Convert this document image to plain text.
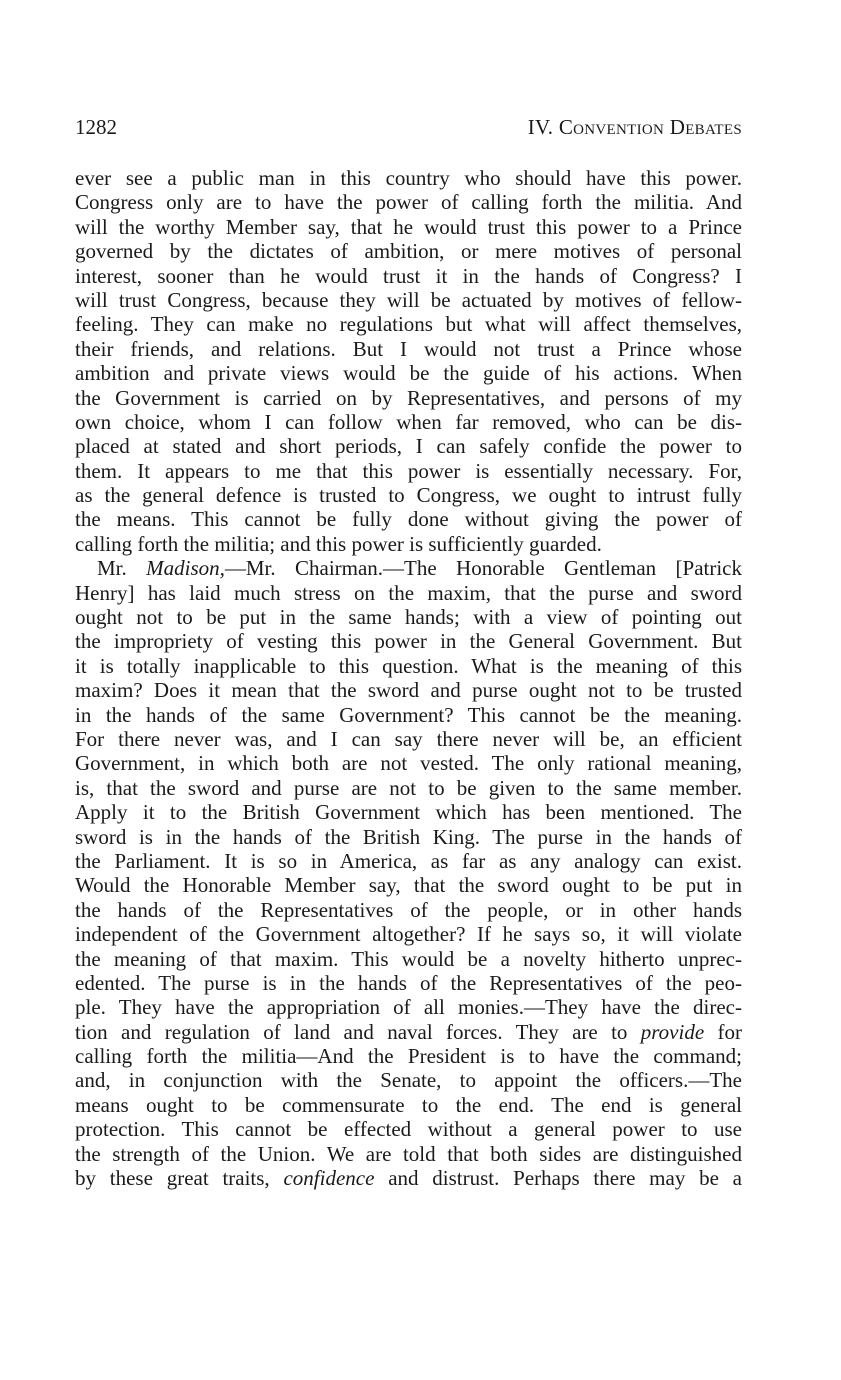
1282	IV. Convention Debates
ever see a public man in this country who should have this power.
Congress only are to have the power of calling forth the militia. And
will the worthy Member say, that he would trust this power to a Prince
governed by the dictates of ambition, or mere motives of personal
interest, sooner than he would trust it in the hands of Congress? I
will trust Congress, because they will be actuated by motives of fellow-
feeling. They can make no regulations but what will affect themselves,
their friends, and relations. But I would not trust a Prince whose
ambition and private views would be the guide of his actions. When
the Government is carried on by Representatives, and persons of my
own choice, whom I can follow when far removed, who can be dis-
placed at stated and short periods, I can safely confide the power to
them. It appears to me that this power is essentially necessary. For,
as the general defence is trusted to Congress, we ought to intrust fully
the means. This cannot be fully done without giving the power of
calling forth the militia; and this power is sufficiently guarded.
Mr. Madison,—Mr. Chairman.—The Honorable Gentleman [Patrick
Henry] has laid much stress on the maxim, that the purse and sword
ought not to be put in the same hands; with a view of pointing out
the impropriety of vesting this power in the General Government. But
it is totally inapplicable to this question. What is the meaning of this
maxim? Does it mean that the sword and purse ought not to be trusted
in the hands of the same Government? This cannot be the meaning.
For there never was, and I can say there never will be, an efficient
Government, in which both are not vested. The only rational meaning,
is, that the sword and purse are not to be given to the same member.
Apply it to the British Government which has been mentioned. The
sword is in the hands of the British King. The purse in the hands of
the Parliament. It is so in America, as far as any analogy can exist.
Would the Honorable Member say, that the sword ought to be put in
the hands of the Representatives of the people, or in other hands
independent of the Government altogether? If he says so, it will violate
the meaning of that maxim. This would be a novelty hitherto unprec-
edented. The purse is in the hands of the Representatives of the peo-
ple. They have the appropriation of all monies.—They have the direc-
tion and regulation of land and naval forces. They are to provide for
calling forth the militia—And the President is to have the command;
and, in conjunction with the Senate, to appoint the officers.—The
means ought to be commensurate to the end. The end is general
protection. This cannot be effected without a general power to use
the strength of the Union. We are told that both sides are distinguished
by these great traits, confidence and distrust. Perhaps there may be a
